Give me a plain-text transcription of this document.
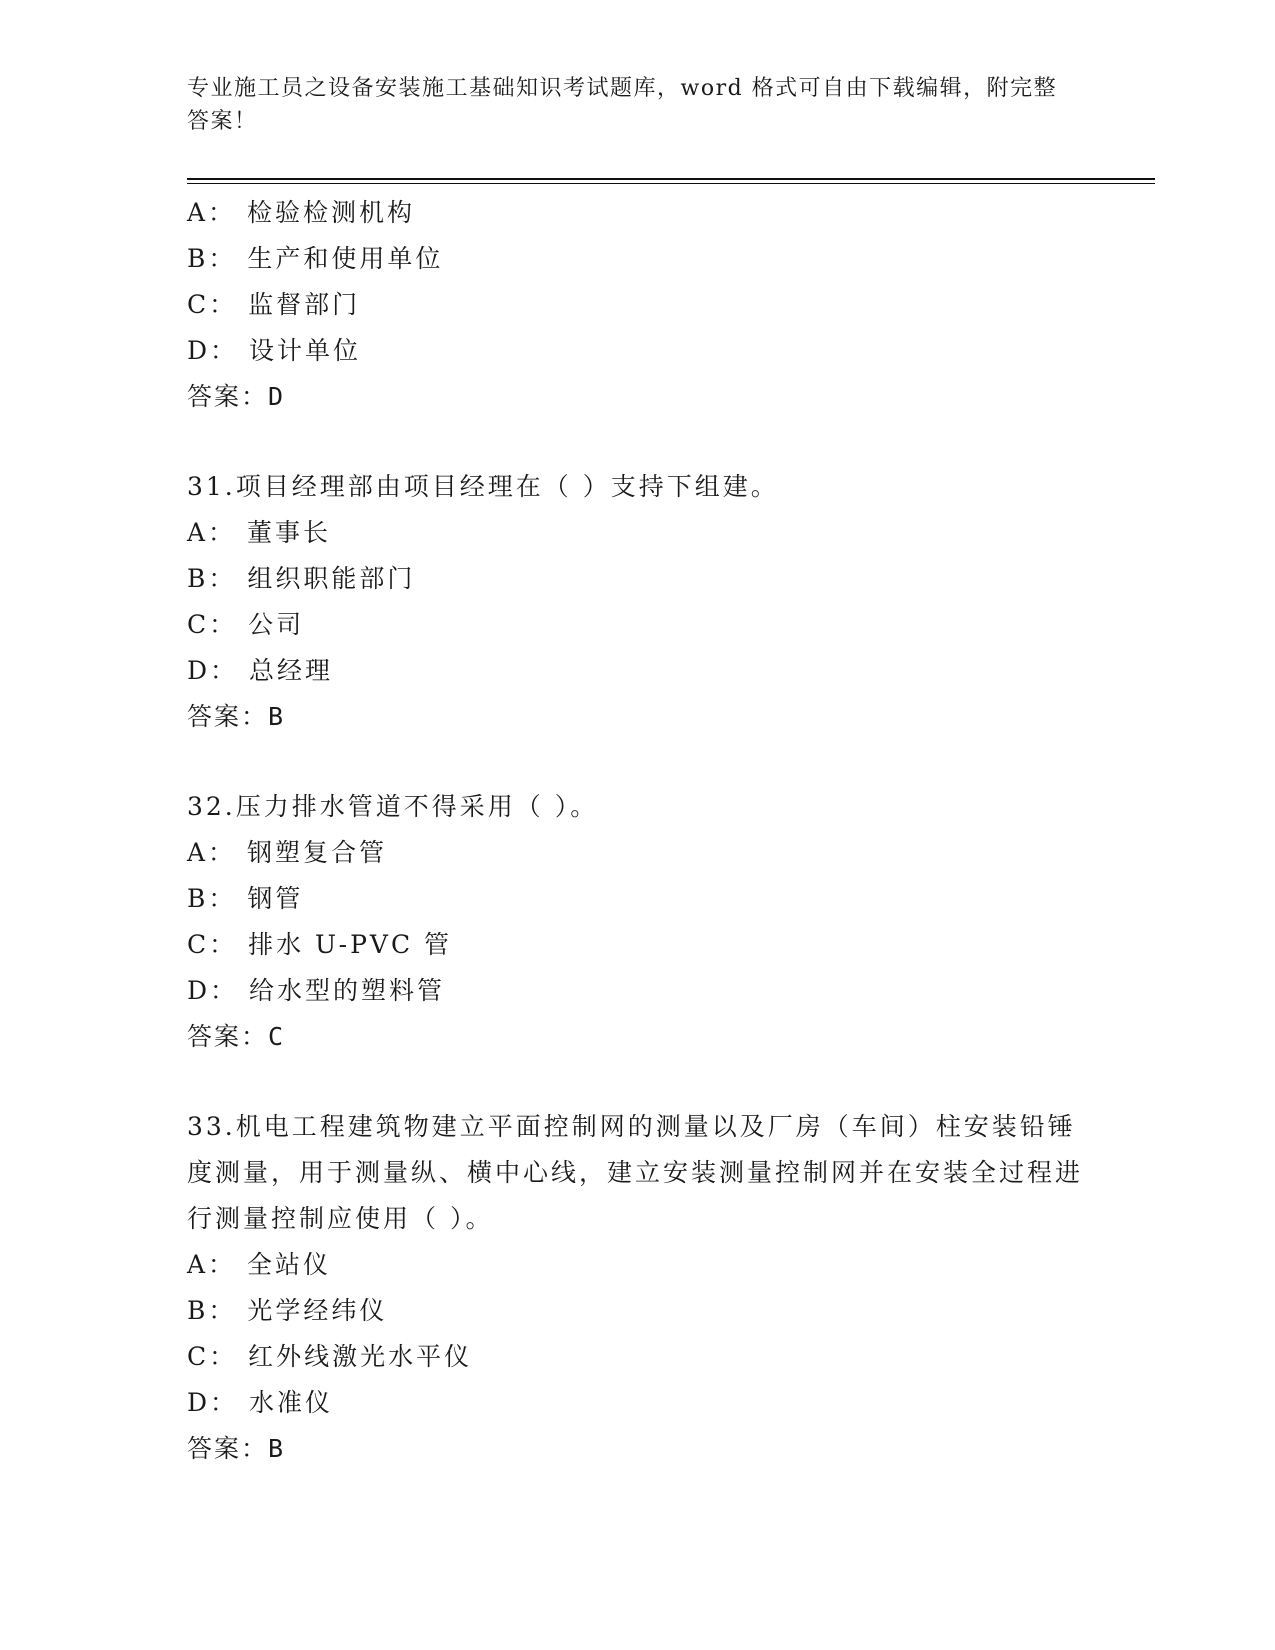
专业施工员之设备安装施工基础知识考试题库，word 格式可自由下载编辑，附完整答案！
A： 检验检测机构
B： 生产和使用单位
C： 监督部门
D： 设计单位
答案：D
31.项目经理部由项目经理在（ ）支持下组建。
A： 董事长
B： 组织职能部门
C： 公司
D： 总经理
答案：B
32.压力排水管道不得采用（ ）。
A： 钢塑复合管
B： 钢管
C： 排水 U-PVC 管
D： 给水型的塑料管
答案：C
33.机电工程建筑物建立平面控制网的测量以及厂房（车间）柱安装铅锤度测量，用于测量纵、横中心线，建立安装测量控制网并在安装全过程进行测量控制应使用（ ）。
A： 全站仪
B： 光学经纬仪
C： 红外线激光水平仪
D： 水准仪
答案：B
